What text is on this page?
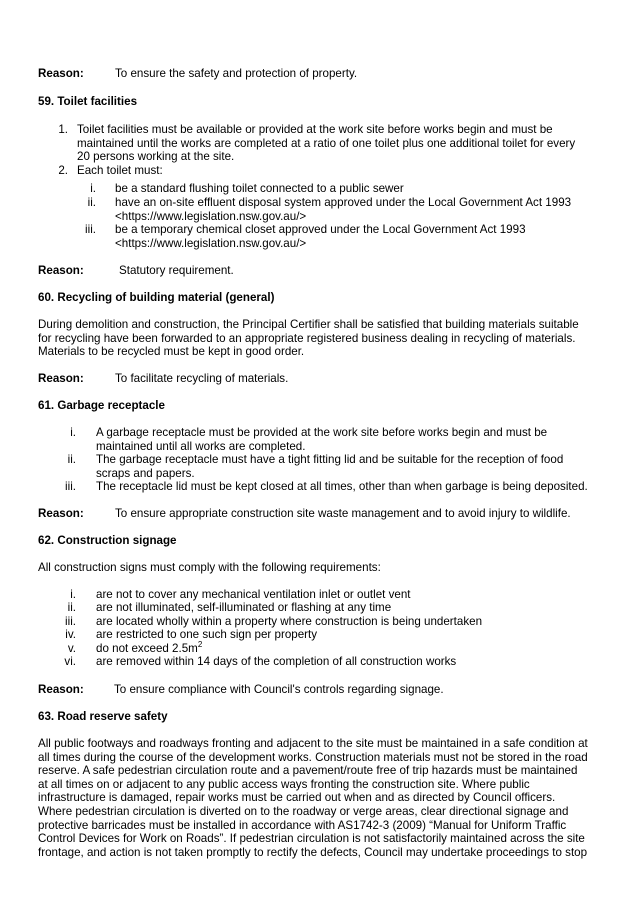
Reason:	To ensure the safety and protection of property.
59. Toilet facilities
1. Toilet facilities must be available or provided at the work site before works begin and must be
maintained until the works are completed at a ratio of one toilet plus one additional toilet for every
20 persons working at the site.
2. Each toilet must:
i. be a standard flushing toilet connected to a public sewer
ii. have an on-site effluent disposal system approved under the Local Government Act 1993
<https://www.legislation.nsw.gov.au/>
iii. be a temporary chemical closet approved under the Local Government Act 1993
<https://www.legislation.nsw.gov.au/>
Reason:	Statutory requirement.
60. Recycling of building material (general)
During demolition and construction, the Principal Certifier shall be satisfied that building materials suitable
for recycling have been forwarded to an appropriate registered business dealing in recycling of materials.
Materials to be recycled must be kept in good order.
Reason:	To facilitate recycling of materials.
61. Garbage receptacle
i. A garbage receptacle must be provided at the work site before works begin and must be
maintained until all works are completed.
ii. The garbage receptacle must have a tight fitting lid and be suitable for the reception of food
scraps and papers.
iii. The receptacle lid must be kept closed at all times, other than when garbage is being deposited.
Reason:	To ensure appropriate construction site waste management and to avoid injury to wildlife.
62. Construction signage
All construction signs must comply with the following requirements:
i. are not to cover any mechanical ventilation inlet or outlet vent
ii. are not illuminated, self-illuminated or flashing at any time
iii. are located wholly within a property where construction is being undertaken
iv. are restricted to one such sign per property
v. do not exceed $2.5m^2$
vi. are removed within 14 days of the completion of all construction works
Reason:	To ensure compliance with Council's controls regarding signage.
63. Road reserve safety
All public footways and roadways fronting and adjacent to the site must be maintained in a safe condition at
all times during the course of the development works. Construction materials must not be stored in the road
reserve. A safe pedestrian circulation route and a pavement/route free of trip hazards must be maintained
at all times on or adjacent to any public access ways fronting the construction site. Where public
infrastructure is damaged, repair works must be carried out when and as directed by Council officers.
Where pedestrian circulation is diverted on to the roadway or verge areas, clear directional signage and
protective barricades must be installed in accordance with AS1742-3 (2009) “Manual for Uniform Traffic
Control Devices for Work on Roads”. If pedestrian circulation is not satisfactorily maintained across the site
frontage, and action is not taken promptly to rectify the defects, Council may undertake proceedings to stop
